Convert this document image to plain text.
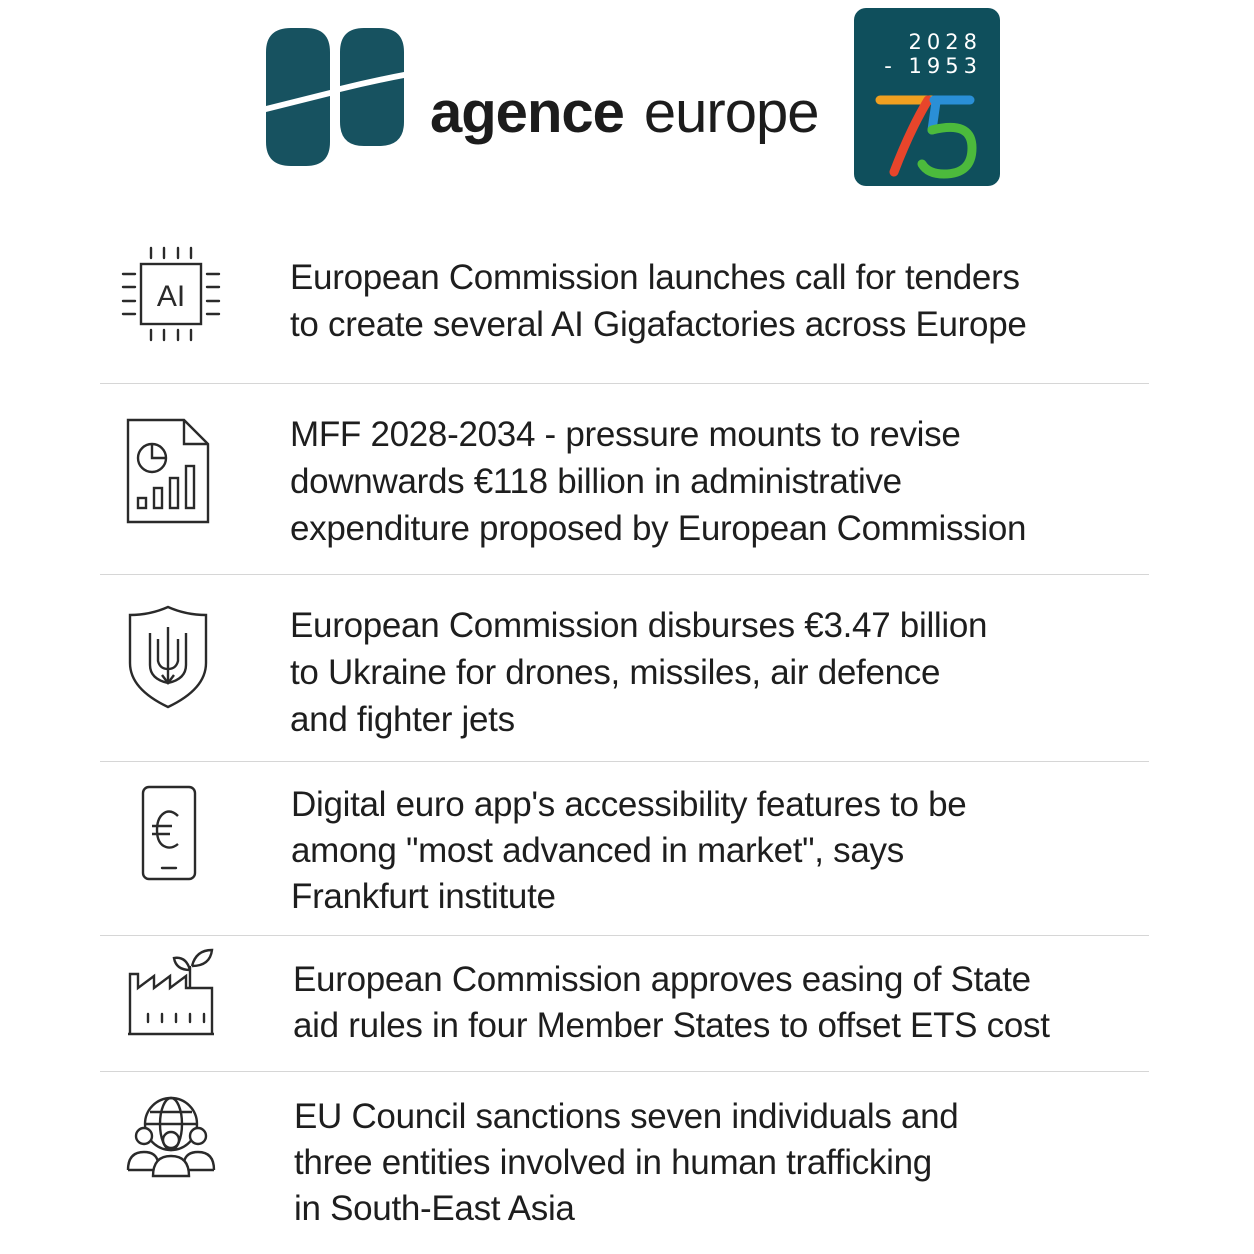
agence europe
2028
- 1953
AI	European Commission launches call for tenders
to create several AI Gigafactories across Europe
MFF 2028-2034 - pressure mounts to revise
downwards €118 billion in administrative
expenditure proposed by European Commission
European Commission disburses €3.47 billion
to Ukraine for drones, missiles, air defence
and fighter jets
Digital euro app's accessibility features to be
among "most advanced in market", says
Frankfurt institute
European Commission approves easing of State
aid rules in four Member States to offset ETS cost
EU Council sanctions seven individuals and
three entities involved in human trafficking
in South-East Asia
